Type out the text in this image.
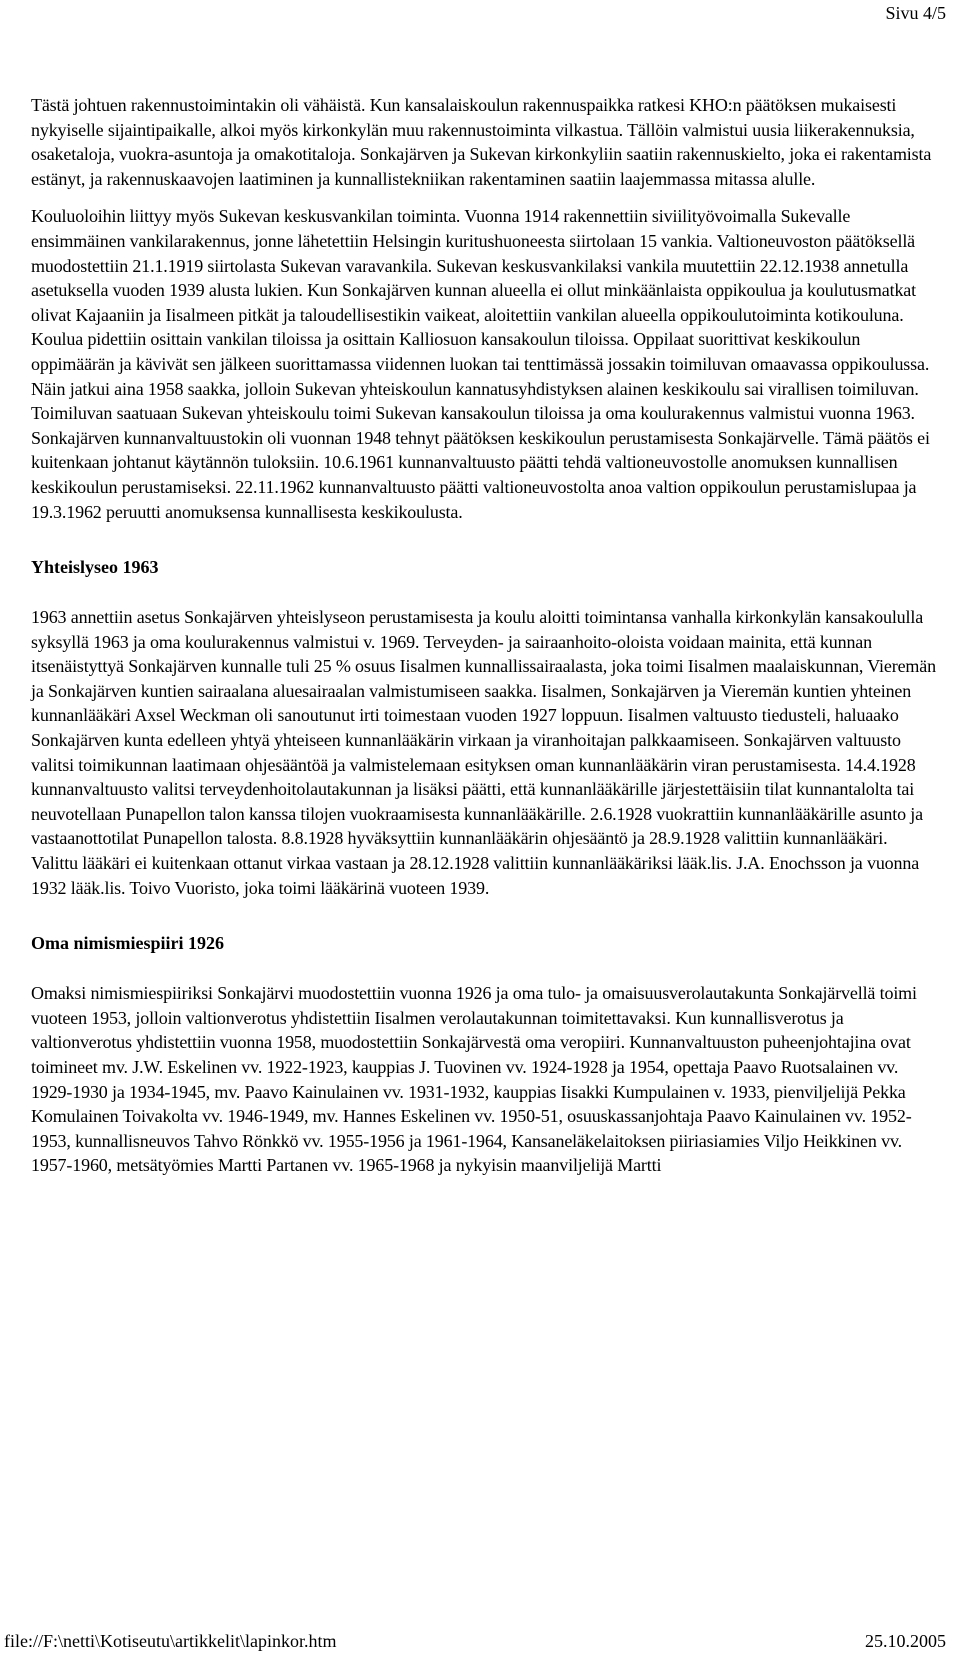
Sivu 4/5

Tästä johtuen rakennustoimintakin oli vähäistä. Kun kansalaiskoulun rakennuspaikka ratkesi KHO:n päätöksen mukaisesti nykyiselle sijaintipaikalle, alkoi myös kirkonkylän muu rakennustoiminta vilkastua. Tällöin valmistui uusia liikerakennuksia, osaketaloja, vuokra-asuntoja ja omakotitaloja. Sonkajärven ja Sukevan kirkonkyliin saatiin rakennuskielto, joka ei rakentamista estänyt, ja rakennuskaavojen laatiminen ja kunnallistekniikan rakentaminen saatiin laajemmassa mitassa alulle.

Kouluoloihin liittyy myös Sukevan keskusvankilan toiminta. Vuonna 1914 rakennettiin siviilityövoimalla Sukevalle ensimmäinen vankilarakennus, jonne lähetettiin Helsingin kuritushuoneesta siirtolaan 15 vankia. Valtioneuvoston päätöksellä muodostettiin 21.1.1919 siirtolasta Sukevan varavankila. Sukevan keskusvankilaksi vankila muutettiin 22.12.1938 annetulla asetuksella vuoden 1939 alusta lukien. Kun Sonkajärven kunnan alueella ei ollut minkäänlaista oppikoulua ja koulutusmatkat olivat Kajaaniin ja Iisalmeen pitkät ja taloudellisestikin vaikeat, aloitettiin vankilan alueella oppikoulutoiminta kotikouluna. Koulua pidettiin osittain vankilan tiloissa ja osittain Kalliosuon kansakoulun tiloissa. Oppilaat suorittivat keskikoulun oppimäärän ja kävivät sen jälkeen suorittamassa viidennen luokan tai tenttimässä jossakin toimiluvan omaavassa oppikoulussa. Näin jatkui aina 1958 saakka, jolloin Sukevan yhteiskoulun kannatusyhdistyksen alainen keskikoulu sai virallisen toimiluvan. Toimiluvan saatuaan Sukevan yhteiskoulu toimi Sukevan kansakoulun tiloissa ja oma koulurakennus valmistui vuonna 1963. Sonkajärven kunnanvaltuustokin oli vuonnan 1948 tehnyt päätöksen keskikoulun perustamisesta Sonkajärvelle. Tämä päätös ei kuitenkaan johtanut käytännön tuloksiin. 10.6.1961 kunnanvaltuusto päätti tehdä valtioneuvostolle anomuksen kunnallisen keskikoulun perustamiseksi. 22.11.1962 kunnanvaltuusto päätti valtioneuvostolta anoa valtion oppikoulun perustamislupaa ja 19.3.1962 peruutti anomuksensa kunnallisesta keskikoulusta.

Yhteislyseo 1963

1963 annettiin asetus Sonkajärven yhteislyseon perustamisesta ja koulu aloitti toimintansa vanhalla kirkonkylän kansakoululla syksyllä 1963 ja oma koulurakennus valmistui v. 1969. Terveyden- ja sairaanhoito-oloista voidaan mainita, että kunnan itsenäistyttyä Sonkajärven kunnalle tuli 25 % osuus Iisalmen kunnallissairaalasta, joka toimi Iisalmen maalaiskunnan, Vieremän ja Sonkajärven kuntien sairaalana aluesairaalan valmistumiseen saakka. Iisalmen, Sonkajärven ja Vieremän kuntien yhteinen kunnanlääkäri Axsel Weckman oli sanoutunut irti toimestaan vuoden 1927 loppuun. Iisalmen valtuusto tiedusteli, haluaako Sonkajärven kunta edelleen yhtyä yhteiseen kunnanlääkärin virkaan ja viranhoitajan palkkaamiseen. Sonkajärven valtuusto valitsi toimikunnan laatimaan ohjesääntöä ja valmistelemaan esityksen oman kunnanlääkärin viran perustamisesta. 14.4.1928 kunnanvaltuusto valitsi terveydenhoitolautakunnan ja lisäksi päätti, että kunnanlääkärille järjestettäisiin tilat kunnantalolta tai neuvotellaan Punapellon talon kanssa tilojen vuokraamisesta kunnanlääkärille. 2.6.1928 vuokrattiin kunnanlääkärille asunto ja vastaanottotilat Punapellon talosta. 8.8.1928 hyväksyttiin kunnanlääkärin ohjesääntö ja 28.9.1928 valittiin kunnanlääkäri. Valittu lääkäri ei kuitenkaan ottanut virkaa vastaan ja 28.12.1928 valittiin kunnanlääkäriksi lääk.lis. J.A. Enochsson ja vuonna 1932 lääk.lis. Toivo Vuoristo, joka toimi lääkärinä vuoteen 1939.

Oma nimismiespiiri 1926

Omaksi nimismiespiiriksi Sonkajärvi muodostettiin vuonna 1926 ja oma tulo- ja omaisuusverolautakunta Sonkajärvellä toimi vuoteen 1953, jolloin valtionverotus yhdistettiin Iisalmen verolautakunnan toimitettavaksi. Kun kunnallisverotus ja valtionverotus yhdistettiin vuonna 1958, muodostettiin Sonkajärvestä oma veropiiri. Kunnanvaltuuston puheenjohtajina ovat toimineet mv. J.W. Eskelinen vv. 1922-1923, kauppias J. Tuovinen vv. 1924-1928 ja 1954, opettaja Paavo Ruotsalainen vv. 1929-1930 ja 1934-1945, mv. Paavo Kainulainen vv. 1931-1932, kauppias Iisakki Kumpulainen v. 1933, pienviljelijä Pekka Komulainen Toivakolta vv. 1946-1949, mv. Hannes Eskelinen vv. 1950-51, osuuskassanjohtaja Paavo Kainulainen vv. 1952-1953, kunnallisneuvos Tahvo Rönkkö vv. 1955-1956 ja 1961-1964, Kansaneläkelaitoksen piiriasiamies Viljo Heikkinen vv. 1957-1960, metsätyömies Martti Partanen vv. 1965-1968 ja nykyisin maanviljelijä Martti

file://F:\netti\Kotiseutu\artikkelit\lapinkor.htm	25.10.2005
